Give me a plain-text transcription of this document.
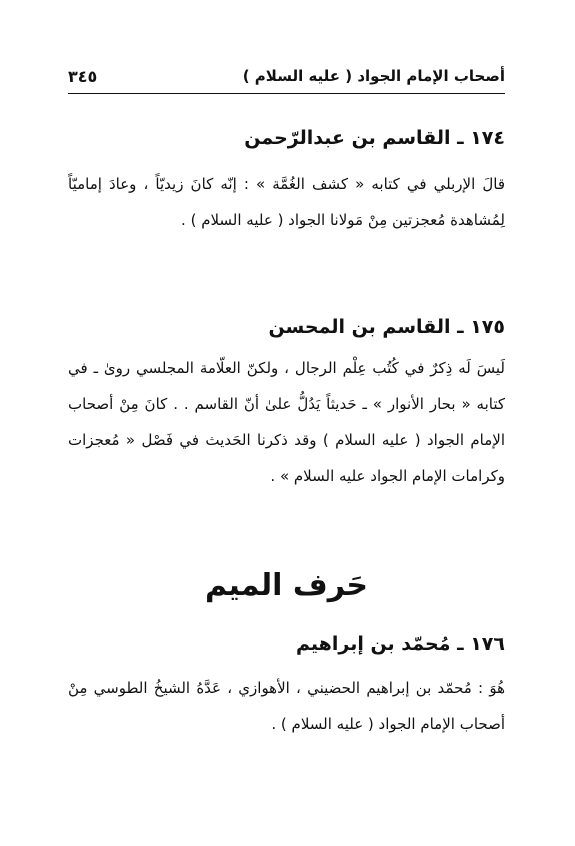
أصحاب الإمام الجواد ( عليه السلام )
٣٤٥
١٧٤ ـ القاسم بن عبدالرّحمن
قالَ الإربلي في كتابه « كشف الغُمَّة » : إنّه كانَ زيديّاً ، وعادَ إماميّاً لِمُشاهدة مُعجزتين مِنْ مَولانا الجواد ( عليه السلام ) .
١٧٥ ـ القاسم بن المحسن
لَيسَ لَه ذِكرٌ في كُتُب عِلْم الرجال ، ولكنّ العلّامة المجلسي روىٰ ـ في كتابه « بحار الأنوار » ـ حَديثاً يَدُلُّ علىٰ أنّ القاسم . . كانَ مِنْ أصحاب الإمام الجواد ( عليه السلام ) وقد ذكرنا الحَديث في فَصْل « مُعجزات وكرامات الإمام الجواد عليه السلام » .
حَرف الميم
١٧٦ ـ مُحمّد بن إبراهيم
هُوَ : مُحمّد بن إبراهيم الحضيني ، الأهوازي ، عَدَّهُ الشيخُ الطوسي مِنْ أصحاب الإمام الجواد ( عليه السلام ) .
